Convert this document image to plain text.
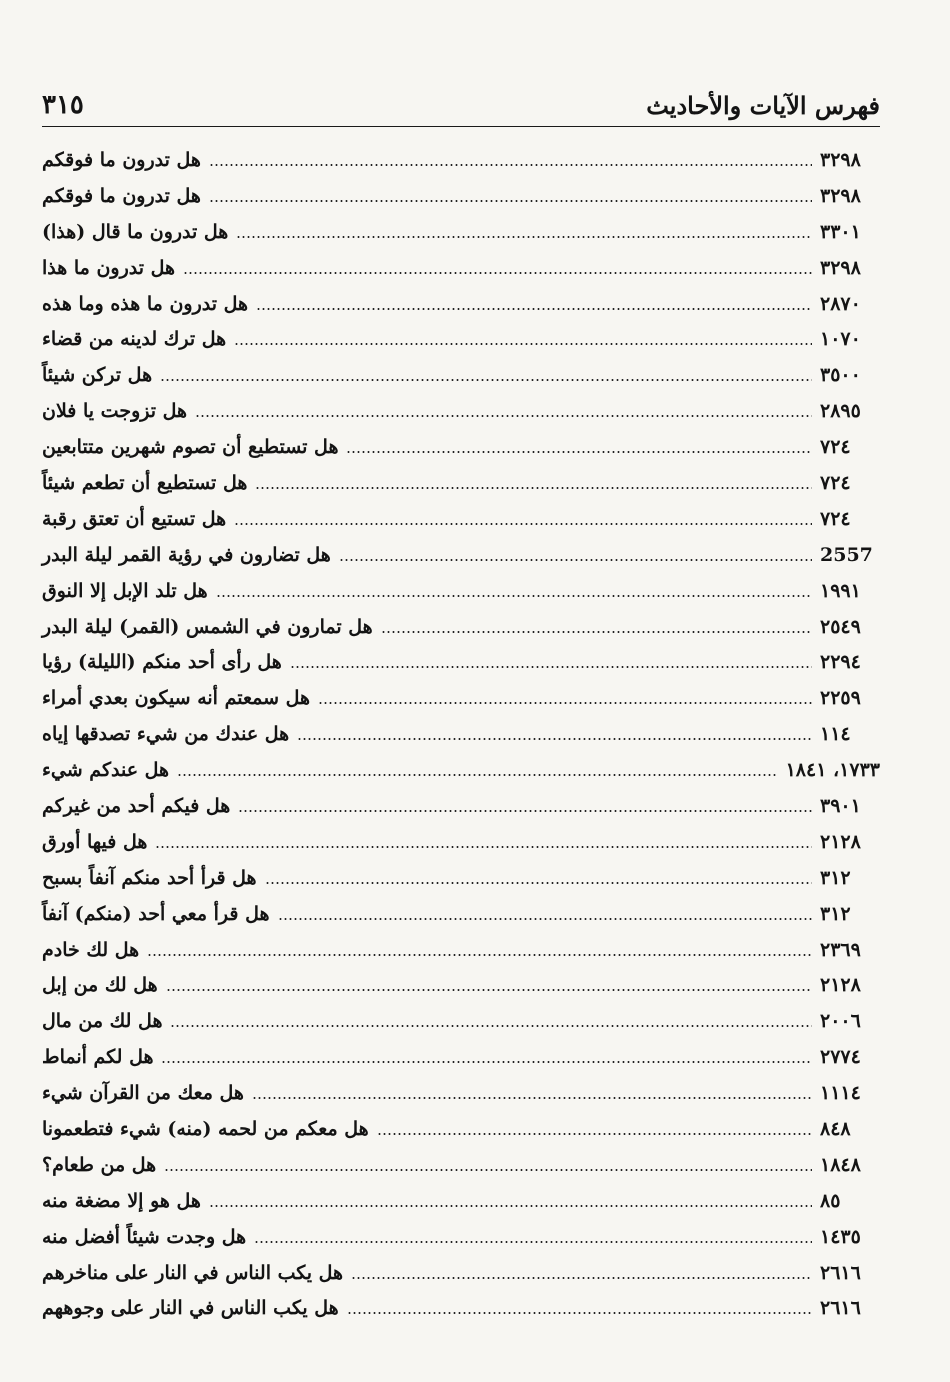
فهرس الآيات والأحاديث
٣١٥
هل تدرون ما فوقكم	٣٢٩٨
هل تدرون ما فوقكم	٣٢٩٨
هل تدرون ما قال (هذا)	٣٣٠١
هل تدرون ما هذا	٣٢٩٨
هل تدرون ما هذه وما هذه	٢٨٧٠
هل ترك لدينه من قضاء	١٠٧٠
هل تركن شيئاً	٣٥٠٠
هل تزوجت يا فلان	٢٨٩٥
هل تستطيع أن تصوم شهرين متتابعين	٧٢٤
هل تستطيع أن تطعم شيئاً	٧٢٤
هل تستيع أن تعتق رقبة	٧٢٤
هل تضارون في رؤية القمر ليلة البدر	2557
هل تلد الإبل إلا النوق	١٩٩١
هل تمارون في الشمس (القمر) ليلة البدر	٢٥٤٩
هل رأى أحد منكم (الليلة) رؤيا	٢٢٩٤
هل سمعتم أنه سيكون بعدي أمراء	٢٢٥٩
هل عندك من شيء تصدقها إياه	١١٤
هل عندكم شيء	١٧٣٣، ١٨٤١
هل فيكم أحد من غيركم	٣٩٠١
هل فيها أورق	٢١٢٨
هل قرأ أحد منكم آنفاً بسبح	٣١٢
هل قرأ معي أحد (منكم) آنفاً	٣١٢
هل لك خادم	٢٣٦٩
هل لك من إبل	٢١٢٨
هل لك من مال	٢٠٠٦
هل لكم أنماط	٢٧٧٤
هل معك من القرآن شيء	١١١٤
هل معكم من لحمه (منه) شيء فتطعمونا	٨٤٨
هل من طعام؟	١٨٤٨
هل هو إلا مضغة منه	٨٥
هل وجدت شيئاً أفضل منه	١٤٣٥
هل يكب الناس في النار على مناخرهم	٢٦١٦
هل يكب الناس في النار على وجوههم	٢٦١٦
